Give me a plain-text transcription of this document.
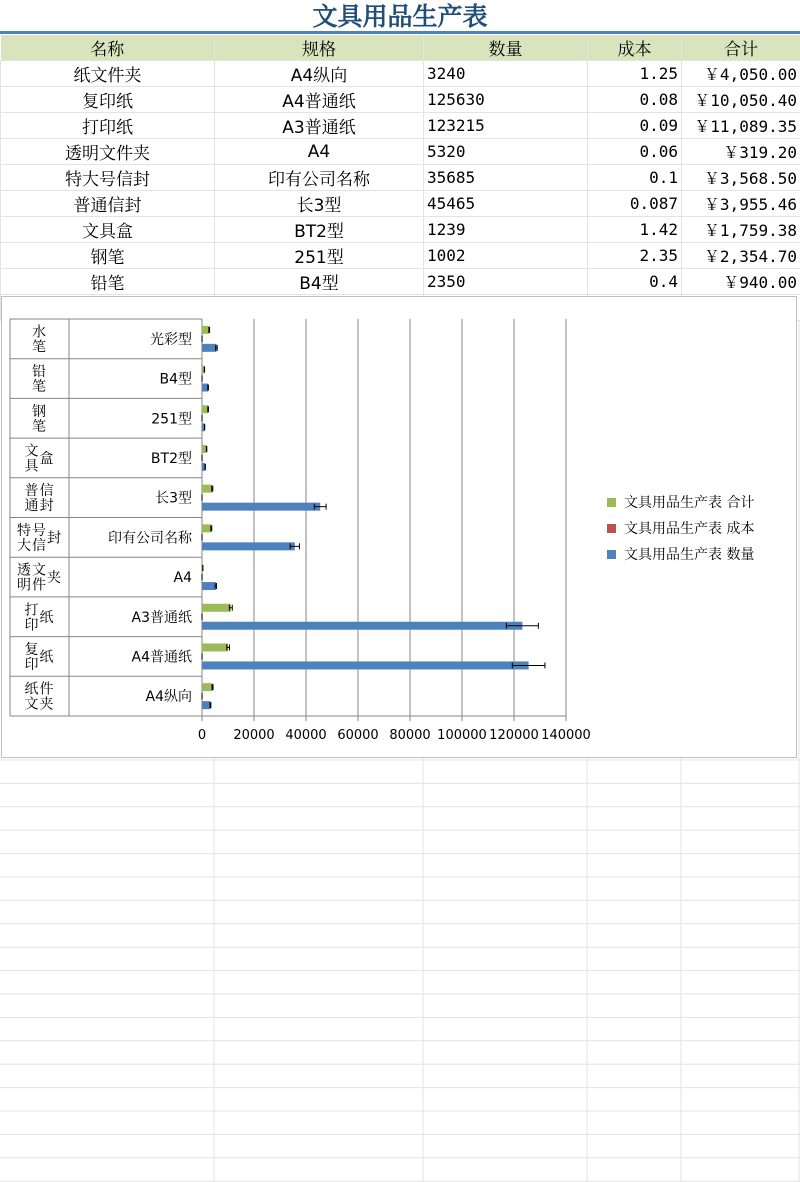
文具用品生产表
名称	规格	数量	成本	合计
纸文件夹	A4纵向	3240	1.25	￥4,050.00
复印纸	A4普通纸	125630	0.08	￥10,050.40
打印纸	A3普通纸	123215	0.09	￥11,089.35
透明文件夹	A4	5320	0.06	￥319.20
特大号信封	印有公司名称	35685	0.1	￥3,568.50
普通信封	长3型	45465	0.087	￥3,955.46
文具盒	BT2型	1239	1.42	￥1,759.38
钢笔	251型	1002	2.35	￥2,354.70
铅笔	B4型	2350	0.4	￥940.00

0 20000 40000 60000 80000 100000 120000 140000
A4纵向
纸
文
件
夹
A4普通纸
复
印 纸
A3普通纸
打
印 纸
A4
透
明
文
件 夹
印有公司名称
特
大
号
信 封
长3型
普
通
信
封
BT2型
文
具 盒
251型
钢
笔
B4型
铅
笔
光彩型
水
笔
文具用品生产表 合计
文具用品生产表 成本
文具用品生产表 数量
